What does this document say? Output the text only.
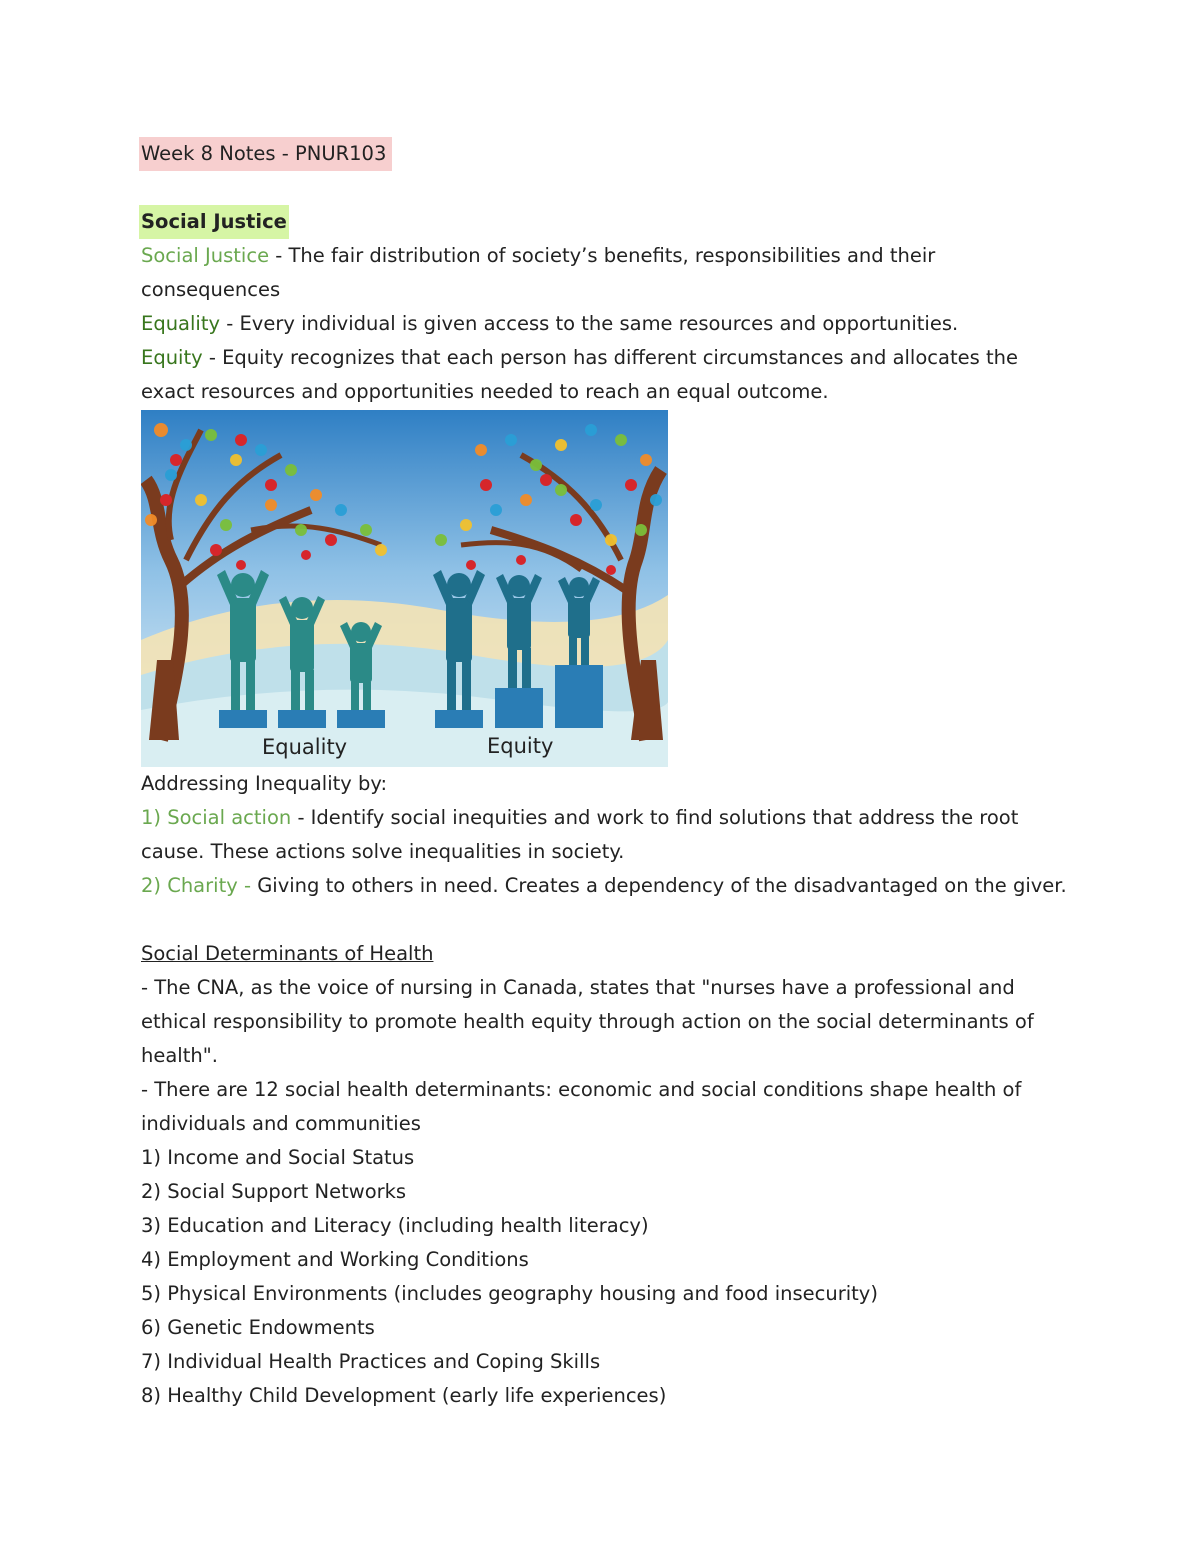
Week 8 Notes - PNUR103
Social Justice

Social Justice - The fair distribution of society’s benefits, responsibilities and their consequences

Equality - Every individual is given access to the same resources and opportunities.

Equity - Equity recognizes that each person has different circumstances and allocates the exact resources and opportunities needed to reach an equal outcome.

Equality	Equity

Addressing Inequality by:

1) Social action - Identify social inequities and work to find solutions that address the root cause. These actions solve inequalities in society.

2) Charity - Giving to others in need. Creates a dependency of the disadvantaged on the giver.

Social Determinants of Health

- The CNA, as the voice of nursing in Canada, states that "nurses have a professional and ethical responsibility to promote health equity through action on the social determinants of health".

- There are 12 social health determinants: economic and social conditions shape health of individuals and communities

1) Income and Social Status

2) Social Support Networks

3) Education and Literacy (including health literacy)

4) Employment and Working Conditions

5) Physical Environments (includes geography housing and food insecurity)

6) Genetic Endowments

7) Individual Health Practices and Coping Skills

8) Healthy Child Development (early life experiences)
